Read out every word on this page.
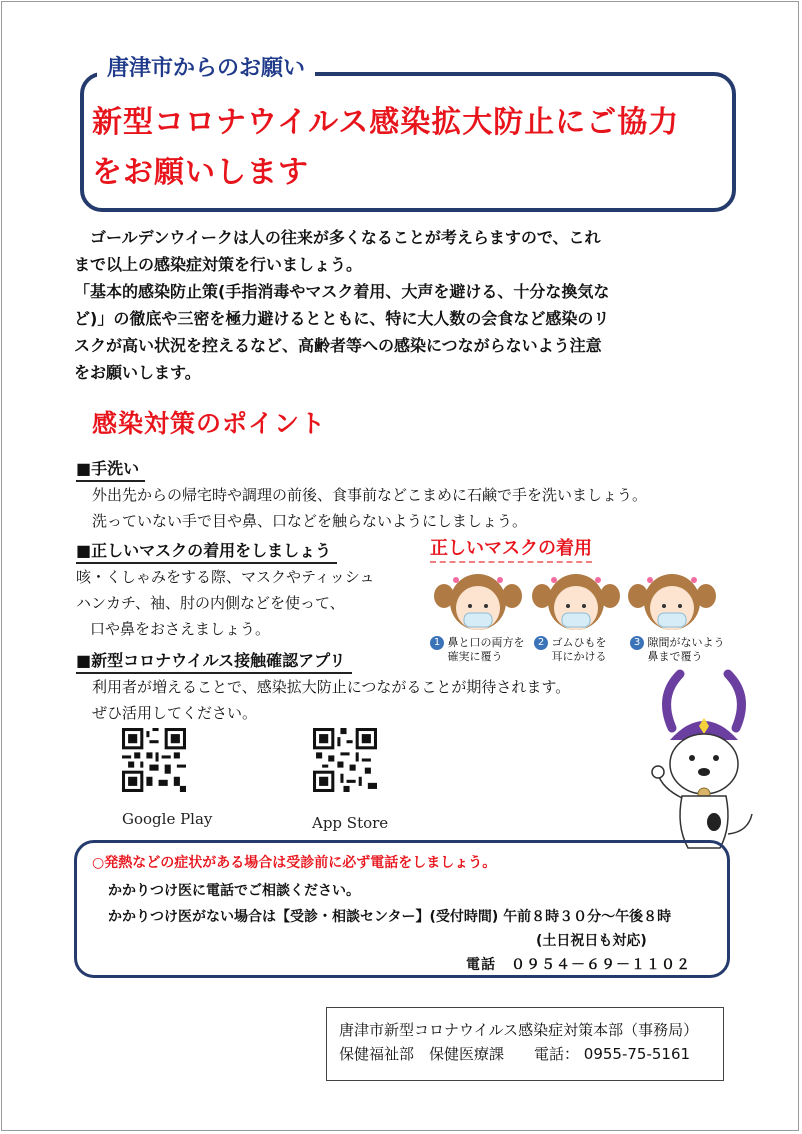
唐津市からのお願い
新型コロナウイルス感染拡大防止にご協力
をお願いします

ゴールデンウイークは人の往来が多くなることが考えらますので、これ

まで以上の感染症対策を行いましょう。

「基本的感染防止策(手指消毒やマスク着用、大声を避ける、十分な換気な

ど)」の徹底や三密を極力避けるとともに、特に大人数の会食など感染のリ

スクが高い状況を控えるなど、高齢者等への感染につながらないよう注意

をお願いします。

感染対策のポイント
■手洗い

外出先からの帰宅時や調理の前後、食事前などこまめに石鹸で手を洗いましょう。

洗っていない手で目や鼻、口などを触らないようにしましょう。

■正しいマスクの着用をしましょう

咳・くしゃみをする際、マスクやティッシュ

ハンカチ、袖、肘の内側などを使って、

口や鼻をおさえましょう。

正しいマスクの着用
1 鼻と口の両方を
確実に覆う
2 ゴムひもを
耳にかける
3 隙間がないよう
鼻まで覆う
■新型コロナウイルス接触確認アプリ

利用者が増えることで、感染拡大防止につながることが期待されます。

ぜひ活用してください。

Google Play	App Store
○発熱などの症状がある場合は受診前に必ず電話をしましょう。
かかりつけ医に電話でご相談ください。
かかりつけ医がない場合は【受診・相談センター】(受付時間) 午前８時３０分～午後８時
(土日祝日も対応)
電話　０９５４－６９－１１０２
唐津市新型コロナウイルス感染症対策本部（事務局）
保健福祉部　保健医療課　　電話： 0955-75-5161
